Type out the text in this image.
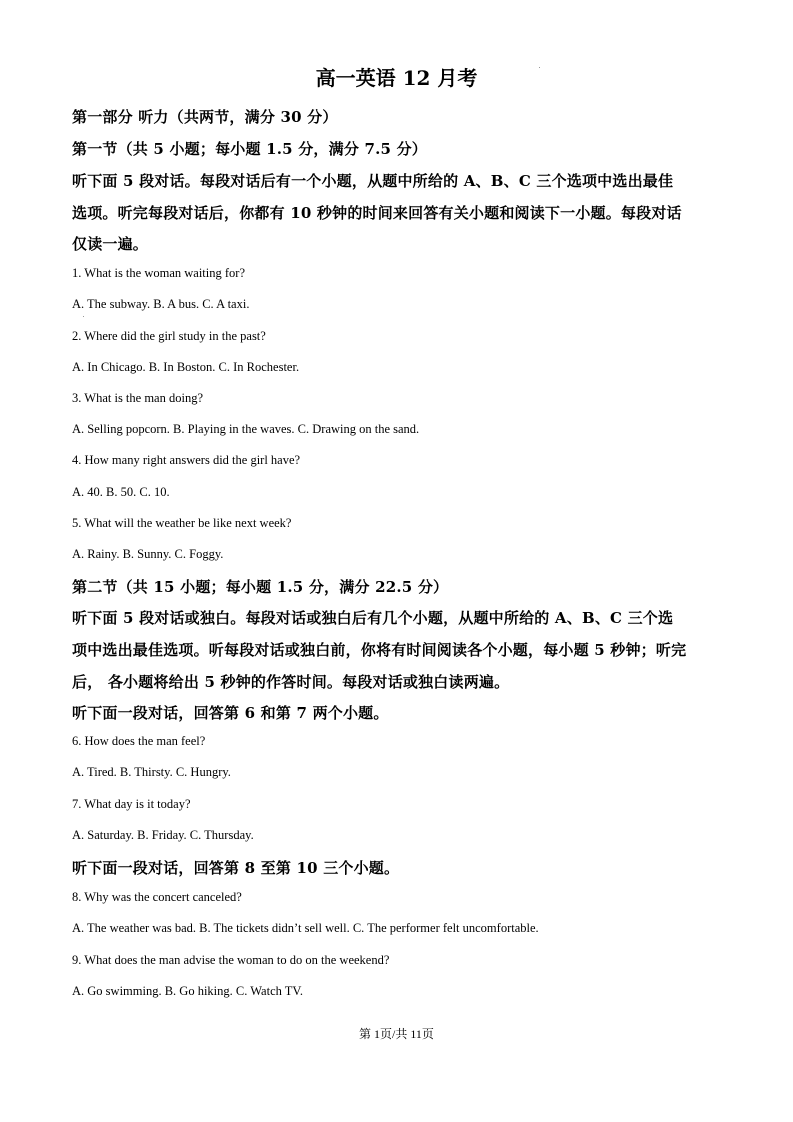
高一英语 12 月考
第一部分 听力（共两节，满分 30 分）
第一节（共 5 小题；每小题 1.5 分，满分 7.5 分）
听下面 5 段对话。每段对话后有一个小题，从题中所给的 A、B、C 三个选项中选出最佳
选项。听完每段对话后，你都有 10 秒钟的时间来回答有关小题和阅读下一小题。每段对话
仅读一遍。
1. What is the woman waiting for?
A. The subway. B. A bus. C. A taxi.
2. Where did the girl study in the past?
A. In Chicago. B. In Boston. C. In Rochester.
3. What is the man doing?
A. Selling popcorn. B. Playing in the waves. C. Drawing on the sand.
4. How many right answers did the girl have?
A. 40. B. 50. C. 10.
5. What will the weather be like next week?
A. Rainy. B. Sunny. C. Foggy.
第二节（共 15 小题；每小题 1.5 分，满分 22.5 分）
听下面 5 段对话或独白。每段对话或独白后有几个小题，从题中所给的 A、B、C 三个选
项中选出最佳选项。听每段对话或独白前，你将有时间阅读各个小题，每小题 5 秒钟；听完
后， 各小题将给出 5 秒钟的作答时间。每段对话或独白读两遍。
听下面一段对话，回答第 6 和第 7 两个小题。
6. How does the man feel?
A. Tired. B. Thirsty. C. Hungry.
7. What day is it today?
A. Saturday. B. Friday. C. Thursday.
听下面一段对话，回答第 8 至第 10 三个小题。
8. Why was the concert canceled?
A. The weather was bad. B. The tickets didn’t sell well. C. The performer felt uncomfortable.
9. What does the man advise the woman to do on the weekend?
A. Go swimming. B. Go hiking. C. Watch TV.
第 1页/共 11页
